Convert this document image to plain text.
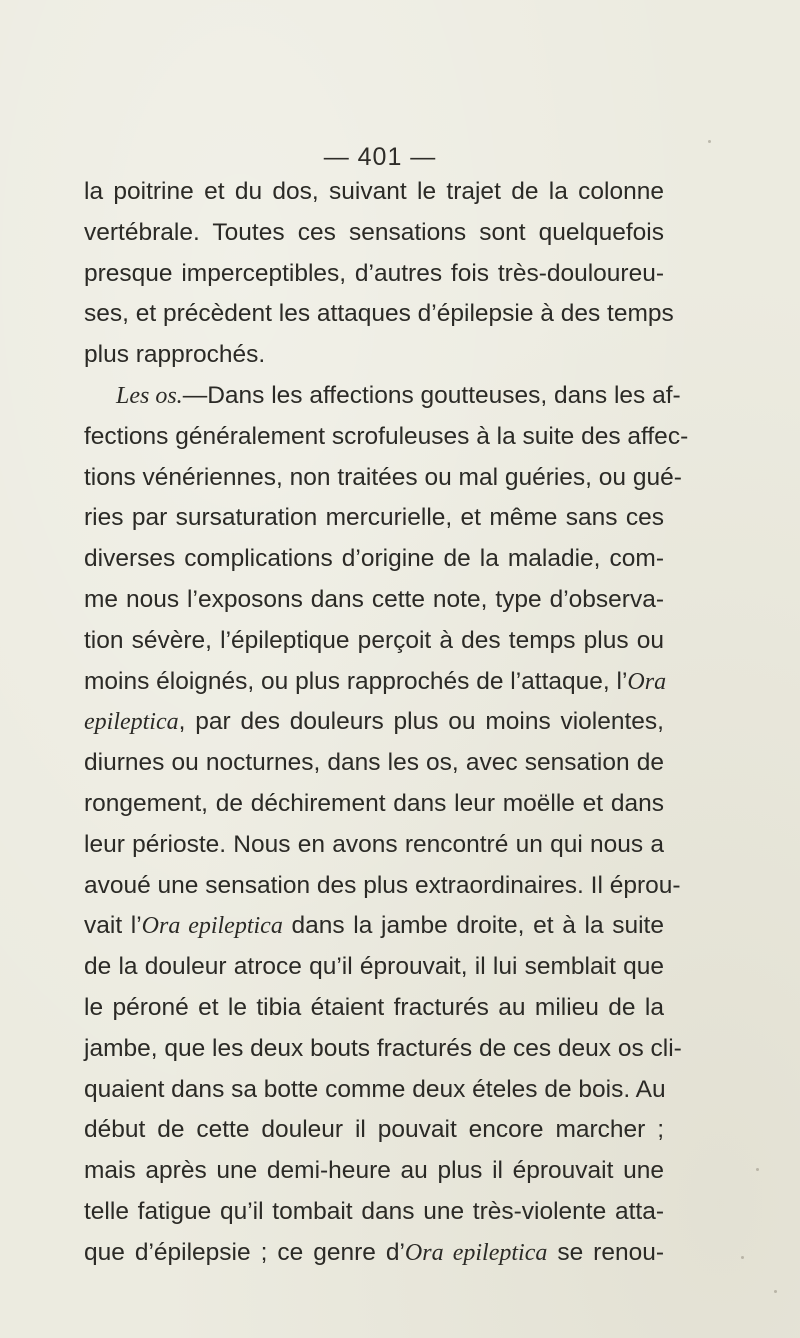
— 401 —
la poitrine et du dos, suivant le trajet de la colonne
vertébrale. Toutes ces sensations sont quelquefois
presque imperceptibles, d’autres fois très-douloureu-
ses, et précèdent les attaques d’épilepsie à des temps
plus rapprochés.
Les os.—Dans les affections goutteuses, dans les af-
fections généralement scrofuleuses à la suite des affec-
tions vénériennes, non traitées ou mal guéries, ou gué-
ries par sursaturation mercurielle, et même sans ces
diverses complications d’origine de la maladie, com-
me nous l’exposons dans cette note, type d’observa-
tion sévère, l’épileptique perçoit à des temps plus ou
moins éloignés, ou plus rapprochés de l’attaque, l’Ora
epileptica, par des douleurs plus ou moins violentes,
diurnes ou nocturnes, dans les os, avec sensation de
rongement, de déchirement dans leur moëlle et dans
leur périoste. Nous en avons rencontré un qui nous a
avoué une sensation des plus extraordinaires. Il éprou-
vait l’Ora epileptica dans la jambe droite, et à la suite
de la douleur atroce qu’il éprouvait, il lui semblait que
le péroné et le tibia étaient fracturés au milieu de la
jambe, que les deux bouts fracturés de ces deux os cli-
quaient dans sa botte comme deux ételes de bois. Au
début de cette douleur il pouvait encore marcher ;
mais après une demi-heure au plus il éprouvait une
telle fatigue qu’il tombait dans une très-violente atta-
que d’épilepsie ; ce genre d’Ora epileptica se renou-
